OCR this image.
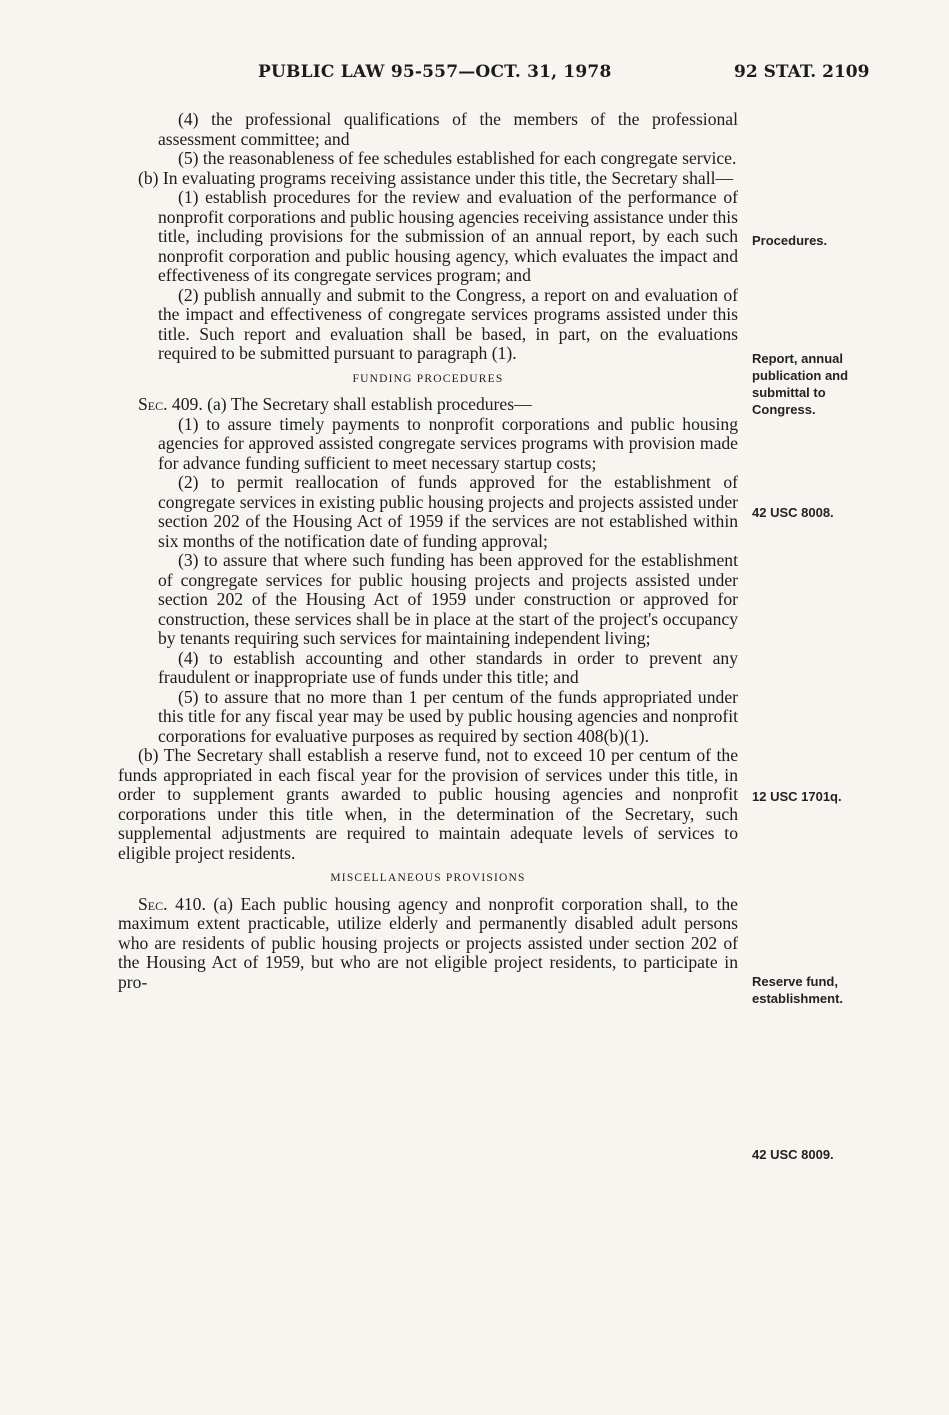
PUBLIC LAW 95-557—OCT. 31, 1978	92 STAT. 2109

(4) the professional qualifications of the members of the professional assessment committee; and

(5) the reasonableness of fee schedules established for each congregate service.

(b) In evaluating programs receiving assistance under this title, the Secretary shall—

(1) establish procedures for the review and evaluation of the performance of nonprofit corporations and public housing agencies receiving assistance under this title, including provisions for the submission of an annual report, by each such nonprofit corporation and public housing agency, which evaluates the impact and effectiveness of its congregate services program; and

(2) publish annually and submit to the Congress, a report on and evaluation of the impact and effectiveness of congregate services programs assisted under this title. Such report and evaluation shall be based, in part, on the evaluations required to be submitted pursuant to paragraph (1).

FUNDING PROCEDURES

Sec. 409. (a) The Secretary shall establish procedures—

(1) to assure timely payments to nonprofit corporations and public housing agencies for approved assisted congregate services programs with provision made for advance funding sufficient to meet necessary startup costs;

(2) to permit reallocation of funds approved for the establishment of congregate services in existing public housing projects and projects assisted under section 202 of the Housing Act of 1959 if the services are not established within six months of the notification date of funding approval;

(3) to assure that where such funding has been approved for the establishment of congregate services for public housing projects and projects assisted under section 202 of the Housing Act of 1959 under construction or approved for construction, these services shall be in place at the start of the project's occupancy by tenants requiring such services for maintaining independent living;

(4) to establish accounting and other standards in order to prevent any fraudulent or inappropriate use of funds under this title; and

(5) to assure that no more than 1 per centum of the funds appropriated under this title for any fiscal year may be used by public housing agencies and nonprofit corporations for evaluative purposes as required by section 408(b)(1).

(b) The Secretary shall establish a reserve fund, not to exceed 10 per centum of the funds appropriated in each fiscal year for the provision of services under this title, in order to supplement grants awarded to public housing agencies and nonprofit corporations under this title when, in the determination of the Secretary, such supplemental adjustments are required to maintain adequate levels of services to eligible project residents.

MISCELLANEOUS PROVISIONS

Sec. 410. (a) Each public housing agency and nonprofit corporation shall, to the maximum extent practicable, utilize elderly and permanently disabled adult persons who are residents of public housing projects or projects assisted under section 202 of the Housing Act of 1959, but who are not eligible project residents, to participate in pro-

Procedures.
Report, annual
publication and
submittal to
Congress.
42 USC 8008.
12 USC 1701q.
Reserve fund,
establishment.
42 USC 8009.
